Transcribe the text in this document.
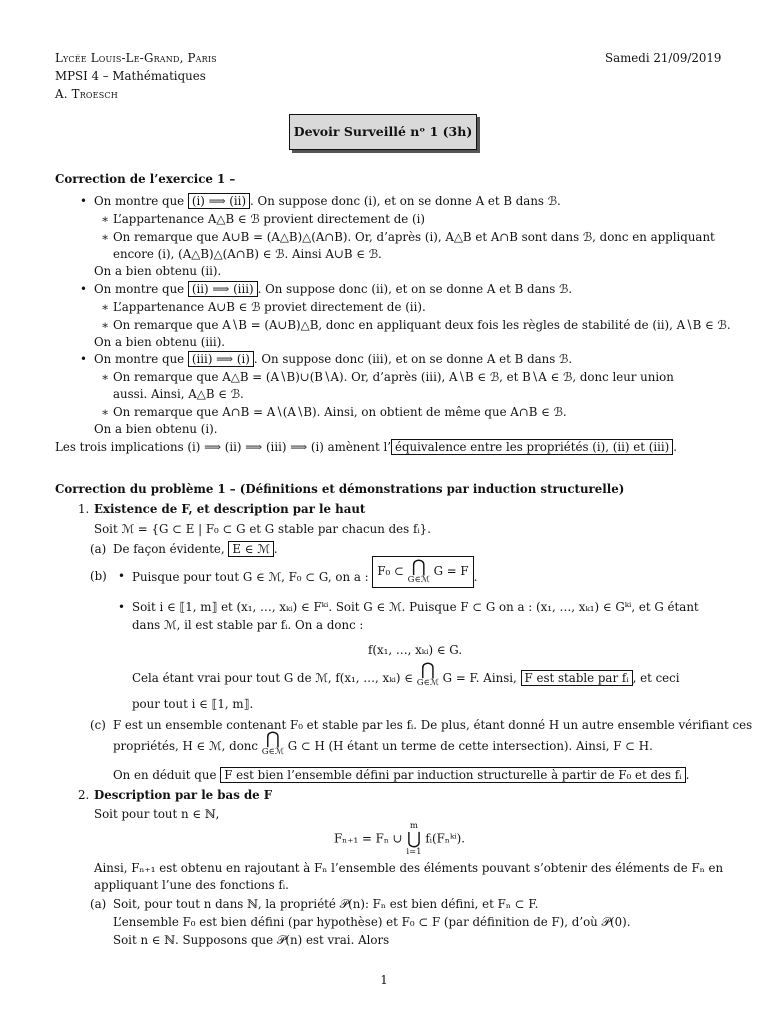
Lycée Louis-Le-Grand, Paris	Samedi 21/09/2019
MPSI 4 – Mathématiques
A. Troesch
Devoir Surveillé nᵒ 1 (3h)
Correction de l’exercice 1 –
• On montre que (i) ⟹ (ii) . On suppose donc (i), et on se donne A et B dans ℬ.
∗ L’appartenance A△B ∈ ℬ provient directement de (i)
∗ On remarque que A∪B = (A△B)△(A∩B). Or, d’après (i), A△B et A∩B sont dans ℬ, donc en appliquant
encore (i), (A△B)△(A∩B) ∈ ℬ. Ainsi A∪B ∈ ℬ.
On a bien obtenu (ii).
• On montre que (ii) ⟹ (iii) . On suppose donc (ii), et on se donne A et B dans ℬ.
∗ L’appartenance A∪B ∈ ℬ proviet directement de (ii).
∗ On remarque que A∖B = (A∪B)△B, donc en appliquant deux fois les règles de stabilité de (ii), A∖B ∈ ℬ.
On a bien obtenu (iii).
• On montre que (iii) ⟹ (i) . On suppose donc (iii), et on se donne A et B dans ℬ.
∗ On remarque que A△B = (A∖B)∪(B∖A). Or, d’après (iii), A∖B ∈ ℬ, et B∖A ∈ ℬ, donc leur union
aussi. Ainsi, A△B ∈ ℬ.
∗ On remarque que A∩B = A∖(A∖B). Ainsi, on obtient de même que A∩B ∈ ℬ.
On a bien obtenu (i).
Les trois implications (i) ⟹ (ii) ⟹ (iii) ⟹ (i) amènent l’ équivalence entre les propriétés (i), (ii) et (iii) .
Correction du problème 1 – (Définitions et démonstrations par induction structurelle)
1. Existence de F, et description par le haut
Soit ℳ = {G ⊂ E | F₀ ⊂ G et G stable par chacun des fᵢ}.
(a) De façon évidente, E ∈ ℳ .
(b)
• Puisque pour tout G ∈ ℳ, F₀ ⊂ G, on a : F₀ ⊂ ⋂
G∈ℳ
G = F .
• Soit i ∈ ⟦1, m⟧ et (x₁, …, xₖᵢ) ∈ Fᵏⁱ. Soit G ∈ ℳ. Puisque F ⊂ G on a : (x₁, …, xₖ₁) ∈ Gᵏⁱ, et G étant
dans ℳ, il est stable par fᵢ. On a donc :
f(x₁, …, xₖᵢ) ∈ G.
Cela étant vrai pour tout G de ℳ, f(x₁, …, xₖᵢ) ∈ ⋂
G∈ℳ G = F. Ainsi, F est stable par fᵢ , et ceci
pour tout i ∈ ⟦1, m⟧.
(c) F est un ensemble contenant F₀ et stable par les fᵢ. De plus, étant donné H un autre ensemble vérifiant ces
propriétés, H ∈ ℳ, donc ⋂
G∈ℳ G ⊂ H (H étant un terme de cette intersection). Ainsi, F ⊂ H.
On en déduit que F est bien l’ensemble défini par induction structurelle à partir de F₀ et des fᵢ .
2. Description par le bas de F
Soit pour tout n ∈ ℕ,
Fₙ₊₁ = Fₙ ∪
m
⋃
i=1
fᵢ(Fₙᵏⁱ).
Ainsi, Fₙ₊₁ est obtenu en rajoutant à Fₙ l’ensemble des éléments pouvant s’obtenir des éléments de Fₙ en
appliquant l’une des fonctions fᵢ.
(a) Soit, pour tout n dans ℕ, la propriété 𝒫(n): Fₙ est bien défini, et Fₙ ⊂ F.
L’ensemble F₀ est bien défini (par hypothèse) et F₀ ⊂ F (par définition de F), d’où 𝒫(0).
Soit n ∈ ℕ. Supposons que 𝒫(n) est vrai. Alors
1
